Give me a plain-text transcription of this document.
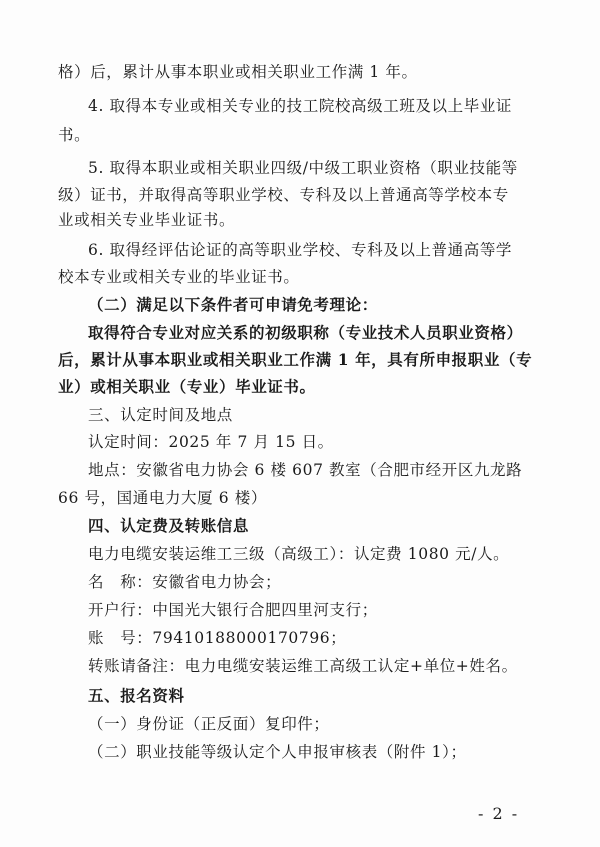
格）后，累计从事本职业或相关职业工作满 1 年。
4. 取得本专业或相关专业的技工院校高级工班及以上毕业证
书。
5. 取得本职业或相关职业四级/中级工职业资格（职业技能等
级）证书，并取得高等职业学校、专科及以上普通高等学校本专
业或相关专业毕业证书。
6. 取得经评估论证的高等职业学校、专科及以上普通高等学
校本专业或相关专业的毕业证书。
（二）满足以下条件者可申请免考理论：
取得符合专业对应关系的初级职称（专业技术人员职业资格）
后，累计从事本职业或相关职业工作满 1 年，具有所申报职业（专
业）或相关职业（专业）毕业证书。
三、认定时间及地点
认定时间：2025 年 7 月 15 日。
地点：安徽省电力协会 6 楼 607 教室（合肥市经开区九龙路
66 号，国通电力大厦 6 楼）
四、认定费及转账信息
电力电缆安装运维工三级（高级工）：认定费 1080 元/人。
名　称：安徽省电力协会；
开户行：中国光大银行合肥四里河支行；
账　号：79410188000170796；
转账请备注：电力电缆安装运维工高级工认定+单位+姓名。
五、报名资料
（一）身份证（正反面）复印件；
（二）职业技能等级认定个人申报审核表（附件 1）；
- 2 -
